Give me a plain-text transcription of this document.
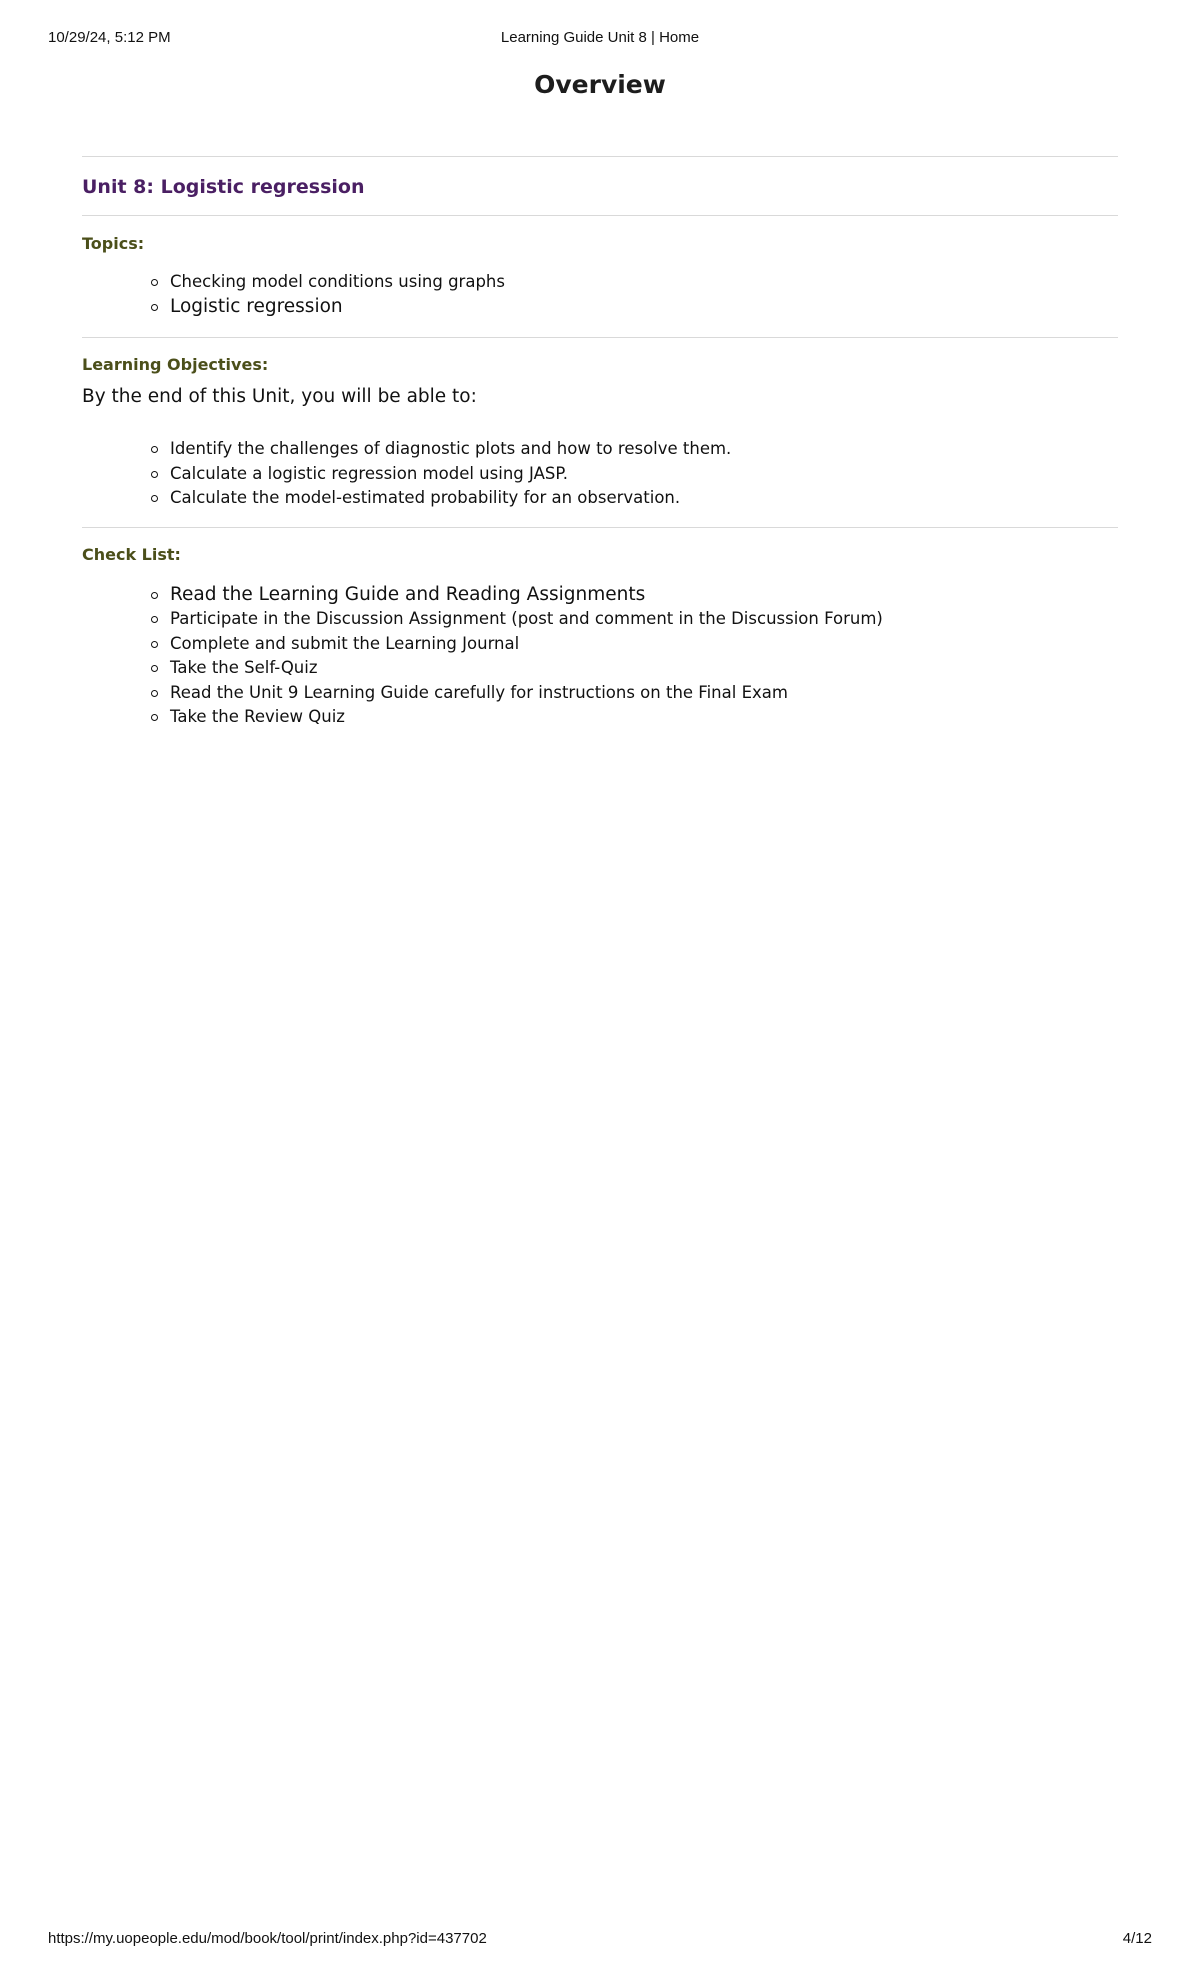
10/29/24, 5:12 PM	Learning Guide Unit 8 | Home
Overview
Unit 8: Logistic regression
Topics:
Checking model conditions using graphs
Logistic regression
Learning Objectives:

By the end of this Unit, you will be able to:

Identify the challenges of diagnostic plots and how to resolve them.
Calculate a logistic regression model using JASP.
Calculate the model-estimated probability for an observation.
Check List:
Read the Learning Guide and Reading Assignments
Participate in the Discussion Assignment (post and comment in the Discussion Forum)
Complete and submit the Learning Journal
Take the Self-Quiz
Read the Unit 9 Learning Guide carefully for instructions on the Final Exam
Take the Review Quiz
https://my.uopeople.edu/mod/book/tool/print/index.php?id=437702	4/12
